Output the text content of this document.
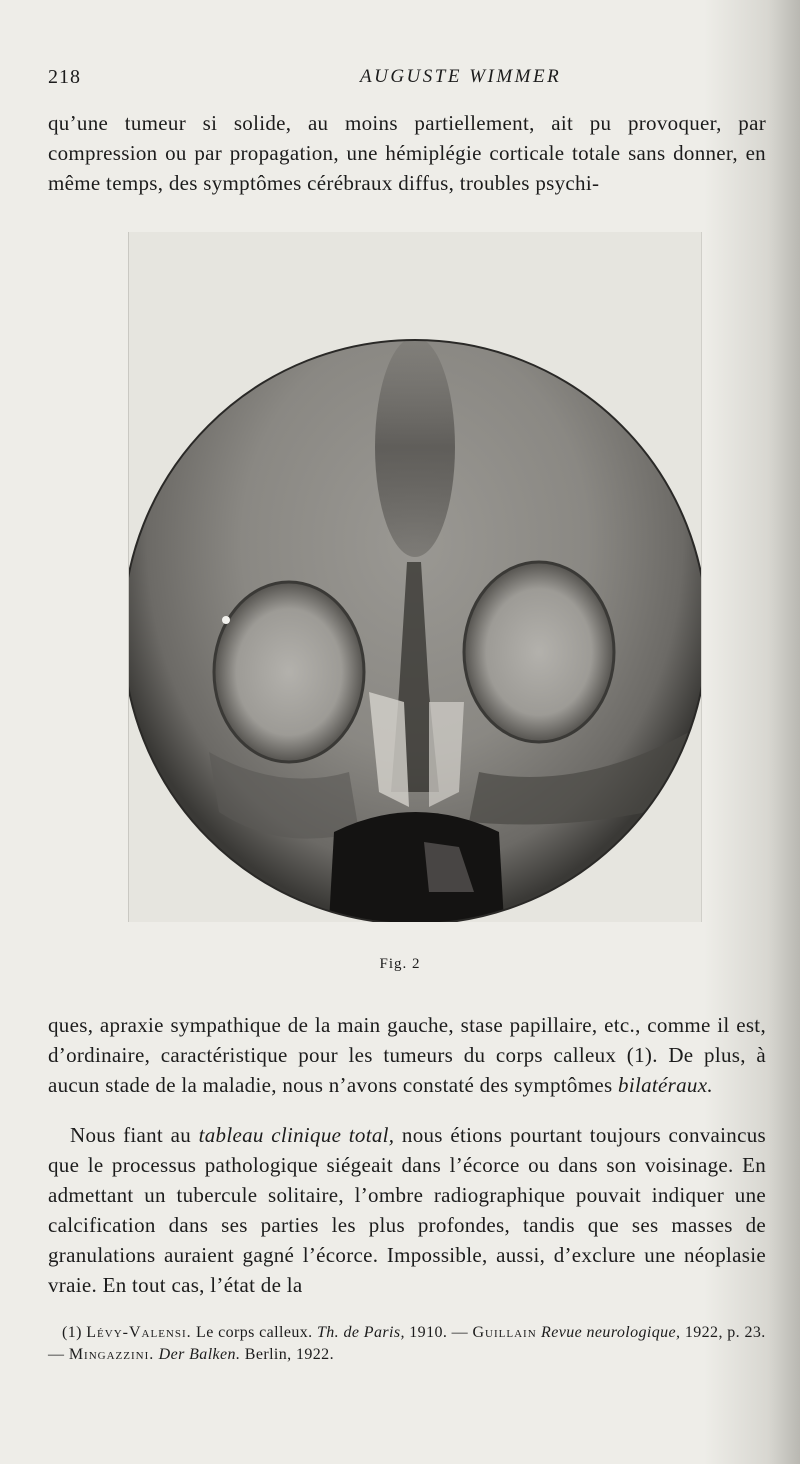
218	AUGUSTE WIMMER

qu’une tumeur si solide, au moins partiellement, ait pu provoquer, par compression ou par propagation, une hémiplégie corticale totale sans donner, en même temps, des symptômes cérébraux diffus, troubles psychi-

Fig. 2

ques, apraxie sympathique de la main gauche, stase papillaire, etc., comme il est, d’ordinaire, caractéristique pour les tumeurs du corps calleux (1). De plus, à aucun stade de la maladie, nous n’avons constaté des symptômes bilatéraux.

Nous fiant au tableau clinique total, nous étions pourtant toujours convaincus que le processus pathologique siégeait dans l’écorce ou dans son voisinage. En admettant un tubercule solitaire, l’ombre radiographique pouvait indiquer une calcification dans ses parties les plus profondes, tandis que ses masses de granulations auraient gagné l’écorce. Impossible, aussi, d’exclure une néoplasie vraie. En tout cas, l’état de la

(1) Lévy-Valensi. Le corps calleux. Th. de Paris, 1910. — Guillain Revue neurologique, 1922, p. 23. — Mingazzini. Der Balken. Berlin, 1922.
